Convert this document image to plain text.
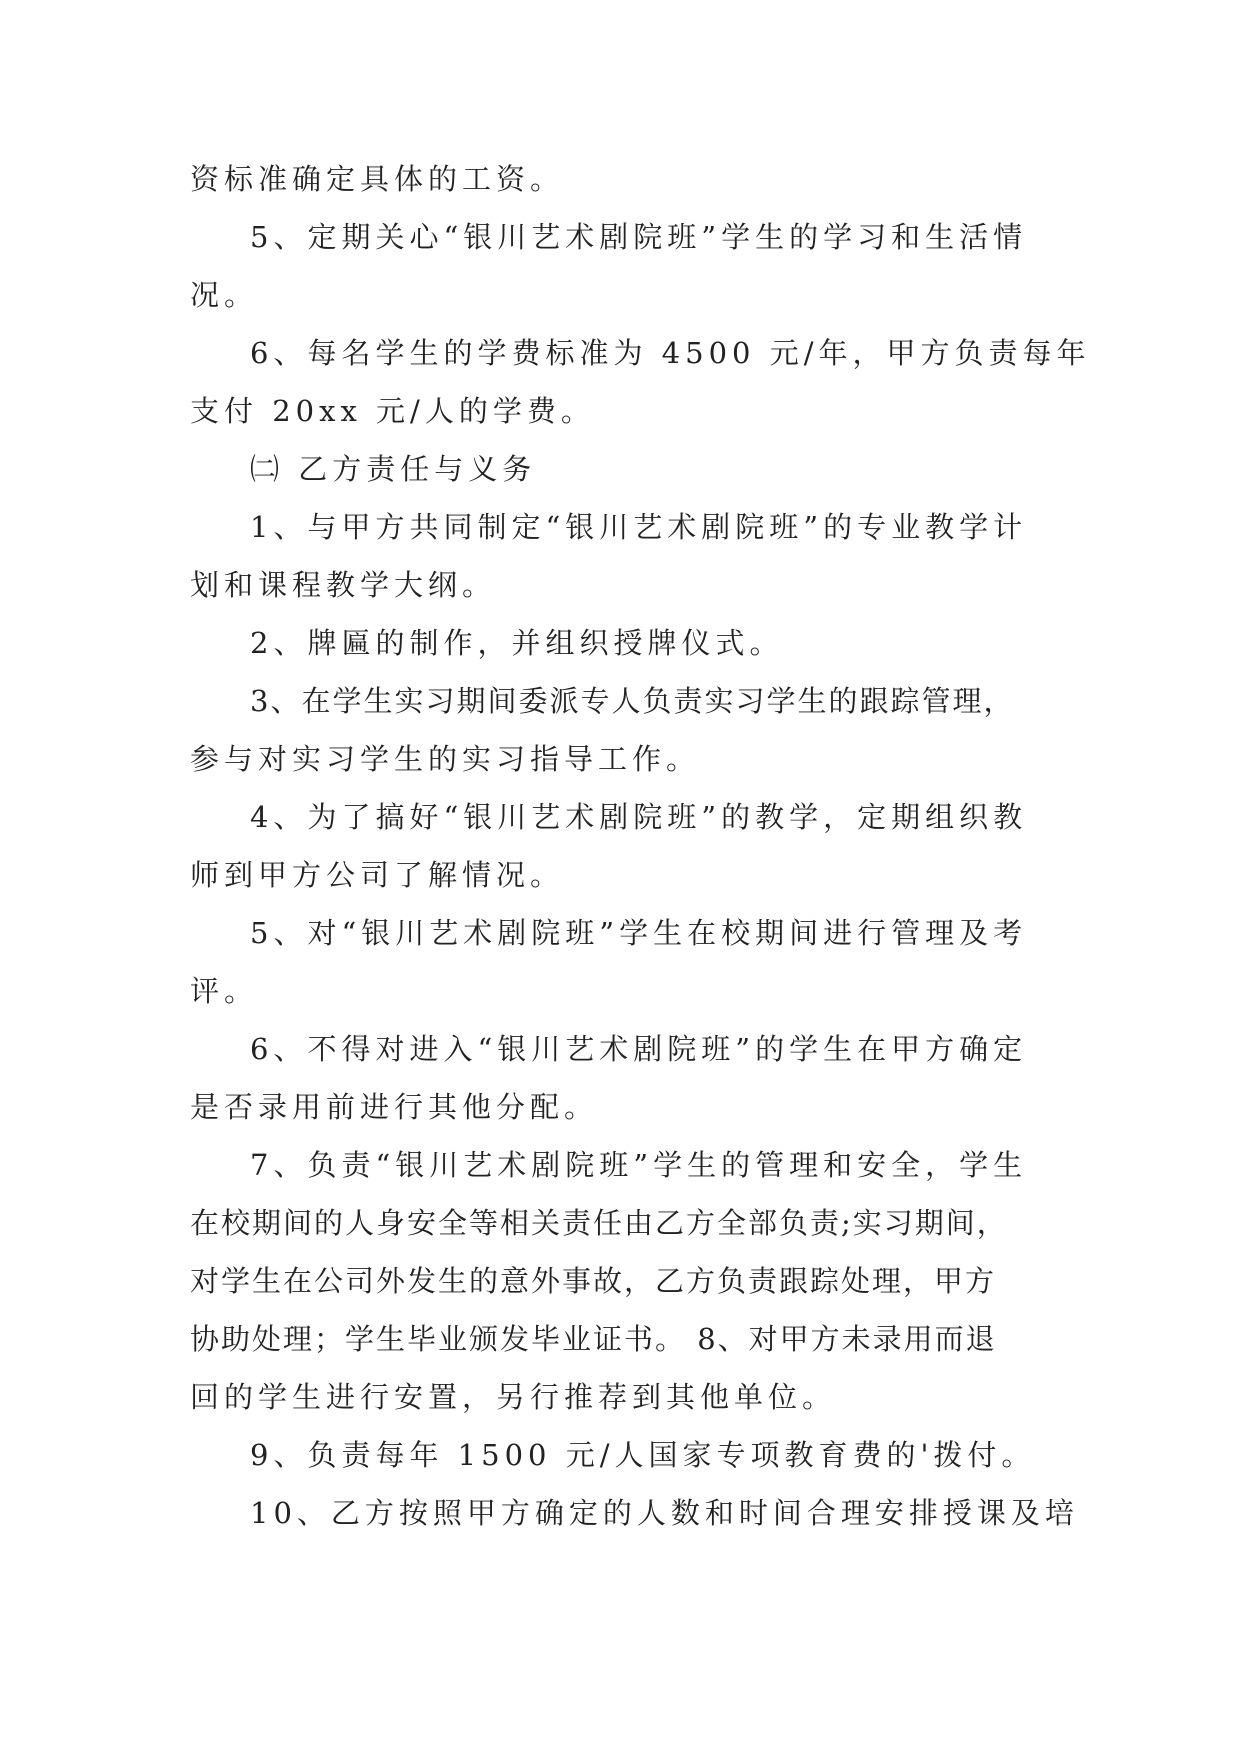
资标准确定具体的工资。
5、定期关心“银川艺术剧院班”学生的学习和生活情
况。
6、每名学生的学费标准为 4500 元/年，甲方负责每年
支付 20xx 元/人的学费。
㈡ 乙方责任与义务
1、与甲方共同制定“银川艺术剧院班”的专业教学计
划和课程教学大纲。
2、牌匾的制作，并组织授牌仪式。
3、在学生实习期间委派专人负责实习学生的跟踪管理，
参与对实习学生的实习指导工作。
4、为了搞好“银川艺术剧院班”的教学，定期组织教
师到甲方公司了解情况。
5、对“银川艺术剧院班”学生在校期间进行管理及考
评。
6、不得对进入“银川艺术剧院班”的学生在甲方确定
是否录用前进行其他分配。
7、负责“银川艺术剧院班”学生的管理和安全，学生
在校期间的人身安全等相关责任由乙方全部负责;实习期间，
对学生在公司外发生的意外事故，乙方负责跟踪处理，甲方
协助处理；学生毕业颁发毕业证书。 8、对甲方未录用而退
回的学生进行安置，另行推荐到其他单位。
9、负责每年 1500 元/人国家专项教育费的'拨付。
10、乙方按照甲方确定的人数和时间合理安排授课及培
